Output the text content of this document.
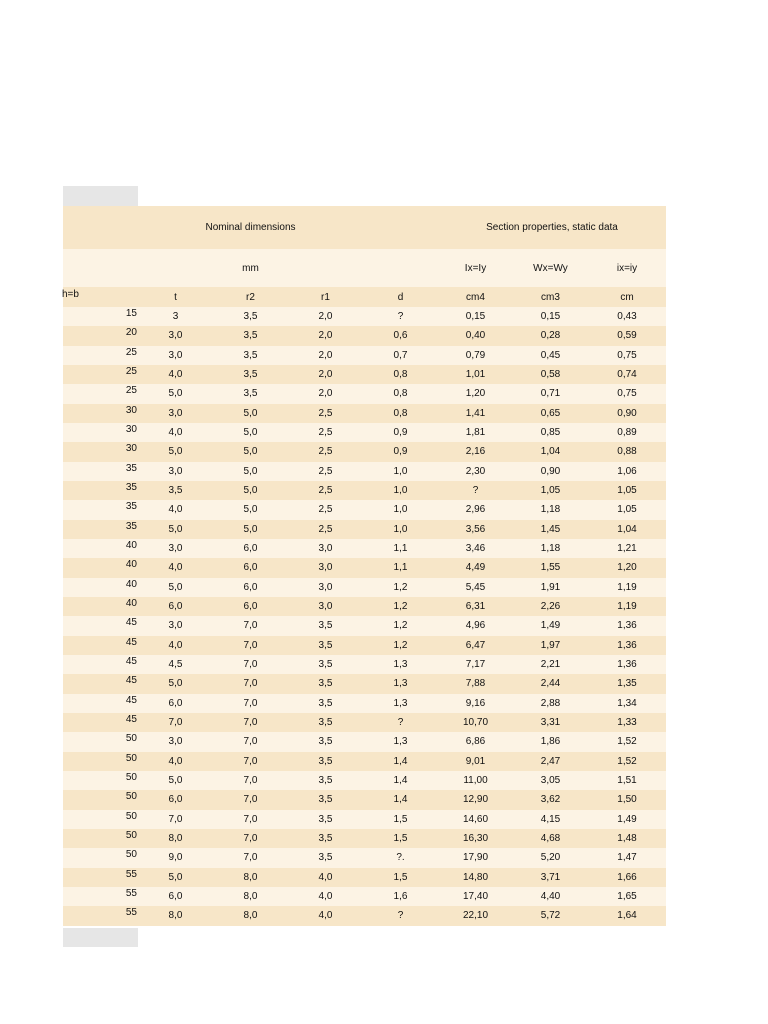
Nominal dimensions	Section properties, static data
mm	Ix=Iy	Wx=Wy	ix=iy
h=b	t	r2	r1	d	cm4	cm3	cm
15	3	3,5	2,0	?	0,15	0,15	0,43
20	3,0	3,5	2,0	0,6	0,40	0,28	0,59
25	3,0	3,5	2,0	0,7	0,79	0,45	0,75
25	4,0	3,5	2,0	0,8	1,01	0,58	0,74
25	5,0	3,5	2,0	0,8	1,20	0,71	0,75
30	3,0	5,0	2,5	0,8	1,41	0,65	0,90
30	4,0	5,0	2,5	0,9	1,81	0,85	0,89
30	5,0	5,0	2,5	0,9	2,16	1,04	0,88
35	3,0	5,0	2,5	1,0	2,30	0,90	1,06
35	3,5	5,0	2,5	1,0	?	1,05	1,05
35	4,0	5,0	2,5	1,0	2,96	1,18	1,05
35	5,0	5,0	2,5	1,0	3,56	1,45	1,04
40	3,0	6,0	3,0	1,1	3,46	1,18	1,21
40	4,0	6,0	3,0	1,1	4,49	1,55	1,20
40	5,0	6,0	3,0	1,2	5,45	1,91	1,19
40	6,0	6,0	3,0	1,2	6,31	2,26	1,19
45	3,0	7,0	3,5	1,2	4,96	1,49	1,36
45	4,0	7,0	3,5	1,2	6,47	1,97	1,36
45	4,5	7,0	3,5	1,3	7,17	2,21	1,36
45	5,0	7,0	3,5	1,3	7,88	2,44	1,35
45	6,0	7,0	3,5	1,3	9,16	2,88	1,34
45	7,0	7,0	3,5	?	10,70	3,31	1,33
50	3,0	7,0	3,5	1,3	6,86	1,86	1,52
50	4,0	7,0	3,5	1,4	9,01	2,47	1,52
50	5,0	7,0	3,5	1,4	11,00	3,05	1,51
50	6,0	7,0	3,5	1,4	12,90	3,62	1,50
50	7,0	7,0	3,5	1,5	14,60	4,15	1,49
50	8,0	7,0	3,5	1,5	16,30	4,68	1,48
50	9,0	7,0	3,5	?.	17,90	5,20	1,47
55	5,0	8,0	4,0	1,5	14,80	3,71	1,66
55	6,0	8,0	4,0	1,6	17,40	4,40	1,65
55	8,0	8,0	4,0	?	22,10	5,72	1,64
